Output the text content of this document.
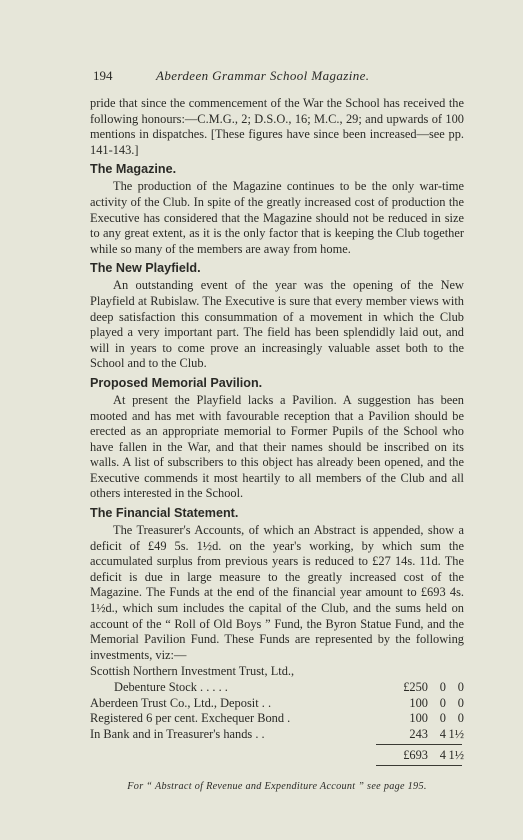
194	Aberdeen Grammar School Magazine.

pride that since the commencement of the War the School has received the following honours:—C.M.G., 2; D.S.O., 16; M.C., 29; and upwards of 100 mentions in dispatches. [These figures have since been increased—see pp. 141-143.]

The Magazine.

The production of the Magazine continues to be the only war-time activity of the Club. In spite of the greatly increased cost of production the Executive has considered that the Magazine should not be reduced in size to any great extent, as it is the only factor that is keeping the Club together while so many of the members are away from home.

The New Playfield.

An outstanding event of the year was the opening of the New Playfield at Rubislaw. The Executive is sure that every member views with deep satisfaction this consummation of a movement in which the Club played a very important part. The field has been splendidly laid out, and will in years to come prove an increasingly valuable asset both to the School and to the Club.

Proposed Memorial Pavilion.

At present the Playfield lacks a Pavilion. A suggestion has been mooted and has met with favourable reception that a Pavilion should be erected as an appropriate memorial to Former Pupils of the School who have fallen in the War, and that their names should be inscribed on its walls. A list of subscribers to this object has already been opened, and the Executive commends it most heartily to all members of the Club and all others interested in the School.

The Financial Statement.

The Treasurer's Accounts, of which an Abstract is appended, show a deficit of £49 5s. 1½d. on the year's working, by which sum the accumulated surplus from previous years is reduced to £27 14s. 11d. The deficit is due in large measure to the greatly increased cost of the Magazine. The Funds at the end of the financial year amount to £693 4s. 1½d., which sum includes the capital of the Club, and the sums held on account of the “ Roll of Old Boys ” Fund, the Byron Statue Fund, and the Memorial Pavilion Fund. These Funds are represented by the following investments, viz:—

Scottish Northern Investment Trust, Ltd.,
Debenture Stock . . . . .	£250 0 0
Aberdeen Trust Co., Ltd., Deposit . .	100 0 0
Registered 6 per cent. Exchequer Bond .	100 0 0
In Bank and in Treasurer's hands . .	243 4 1½
£693 4 1½
For “ Abstract of Revenue and Expenditure Account ” see page 195.
